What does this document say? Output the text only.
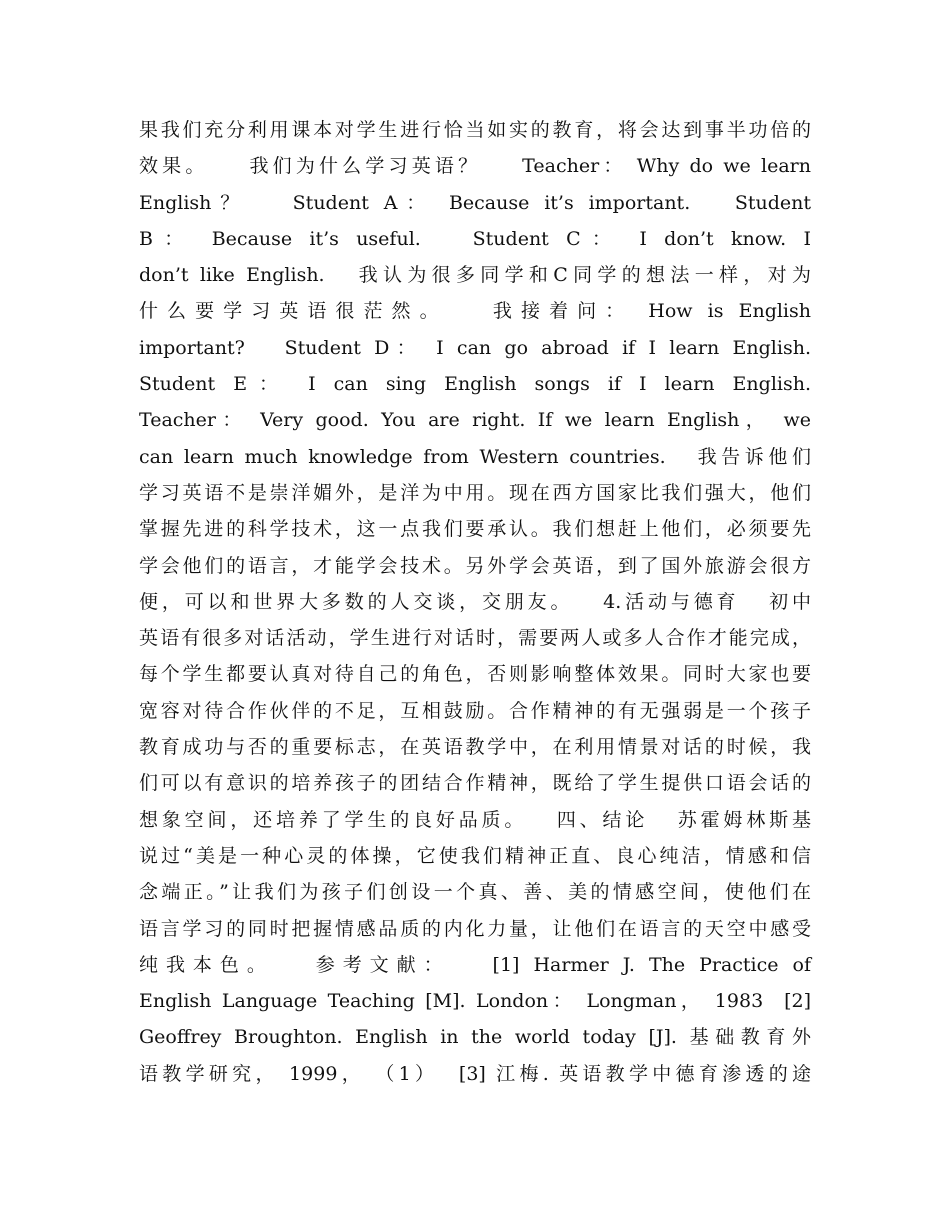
果我们充分利用课本对学生进行恰当如实的教育，将会达到事半功倍的
效果。    我们为什么学习英语？    Teacher： Why do we learn
English？   Student A： Because it’s important.   Student
B： Because it’s useful.   Student C： I don’t know. I
don’t like English.   我认为很多同学和C同学的想法一样，对为
什么要学习英语很茫然。   我接着问： How is English
important?   Student D： I can go abroad if I learn English.
Student E： I can sing English songs if I learn English.
Teacher： Very good. You are right. If we learn English， we
can learn much knowledge from Western countries.   我告诉他们
学习英语不是崇洋媚外，是洋为中用。现在西方国家比我们强大，他们
掌握先进的科学技术，这一点我们要承认。我们想赶上他们，必须要先
学会他们的语言，才能学会技术。另外学会英语，到了国外旅游会很方
便，可以和世界大多数的人交谈，交朋友。   4.活动与德育   初中
英语有很多对话活动，学生进行对话时，需要两人或多人合作才能完成，
每个学生都要认真对待自己的角色，否则影响整体效果。同时大家也要
宽容对待合作伙伴的不足，互相鼓励。合作精神的有无强弱是一个孩子
教育成功与否的重要标志，在英语教学中，在利用情景对话的时候，我
们可以有意识的培养孩子的团结合作精神，既给了学生提供口语会话的
想象空间，还培养了学生的良好品质。   四、结论   苏霍姆林斯基
说过“美是一种心灵的体操，它使我们精神正直、良心纯洁，情感和信
念端正。”让我们为孩子们创设一个真、善、美的情感空间，使他们在
语言学习的同时把握情感品质的内化力量，让他们在语言的天空中感受
纯我本色。   参考文献：   [1] Harmer J. The Practice of
English Language Teaching [M]. London： Longman， 1983  [2]
Geoffrey Broughton. English in the world today [J]. 基础教育外
语教学研究， 1999， （1）  [3] 江梅. 英语教学中德育渗透的途
